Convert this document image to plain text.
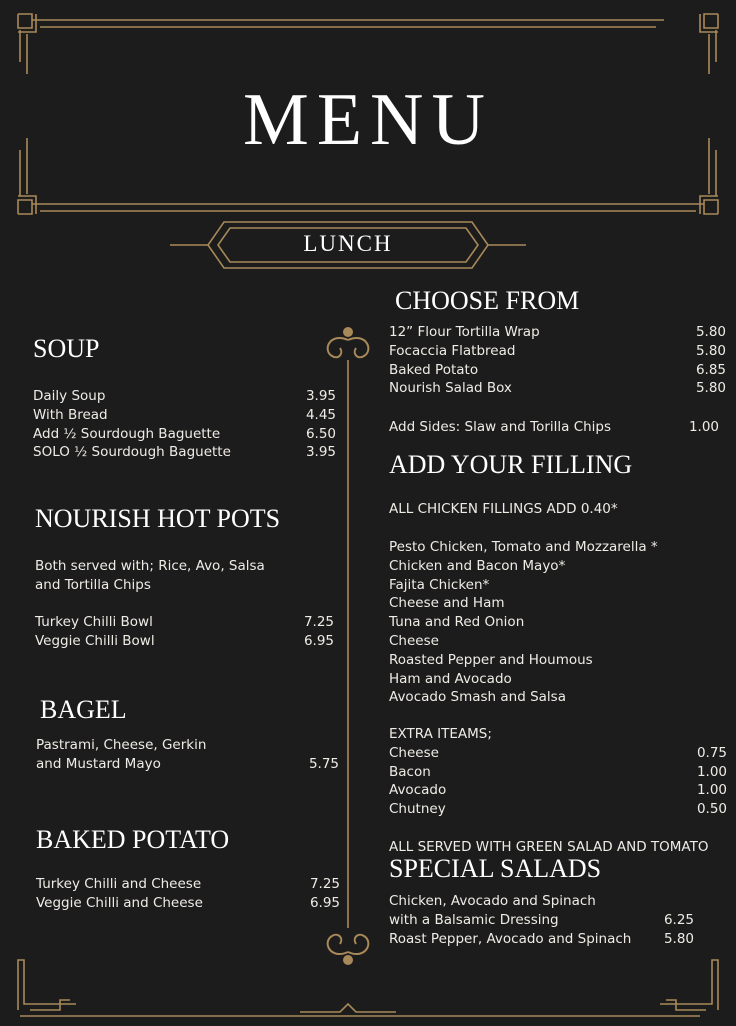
MENU
LUNCH
SOUP
Daily Soup	3.95
With Bread	4.45
Add ½ Sourdough Baguette	6.50
SOLO ½ Sourdough Baguette	3.95
NOURISH HOT POTS
Both served with; Rice, Avo, Salsa
and Tortilla Chips
Turkey Chilli Bowl	7.25
Veggie Chilli Bowl	6.95
BAGEL
Pastrami, Cheese, Gerkin
and Mustard Mayo	5.75
BAKED POTATO
Turkey Chilli and Cheese	7.25
Veggie Chilli and Cheese	6.95
CHOOSE FROM
12” Flour Tortilla Wrap	5.80
Focaccia Flatbread	5.80
Baked Potato	6.85
Nourish Salad Box	5.80
Add Sides: Slaw and Torilla Chips	1.00
ADD YOUR FILLING
ALL CHICKEN FILLINGS ADD 0.40*
Pesto Chicken, Tomato and Mozzarella *
Chicken and Bacon Mayo*
Fajita Chicken*
Cheese and Ham
Tuna and Red Onion
Cheese
Roasted Pepper and Houmous
Ham and Avocado
Avocado Smash and Salsa
EXTRA ITEAMS;
Cheese	0.75
Bacon	1.00
Avocado	1.00
Chutney	0.50
ALL SERVED WITH GREEN SALAD AND TOMATO
SPECIAL SALADS
Chicken, Avocado and Spinach
with a Balsamic Dressing	6.25
Roast Pepper, Avocado and Spinach 5.80
